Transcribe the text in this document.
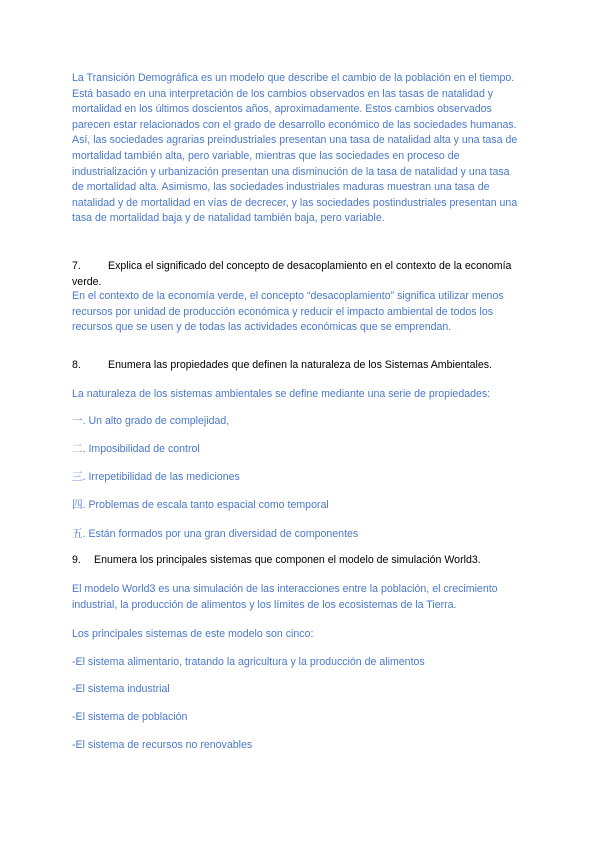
La Transición Demográfica es un modelo que describe el cambio de la población en el tiempo. Está basado en una interpretación de los cambios observados en las tasas de natalidad y mortalidad en los últimos doscientos años, aproximadamente. Estos cambios observados parecen estar relacionados con el grado de desarrollo económico de las sociedades humanas. Así, las sociedades agrarias preindustriales presentan una tasa de natalidad alta y una tasa de mortalidad también alta, pero variable, mientras que las sociedades en proceso de industrialización y urbanización presentan una disminución de la tasa de natalidad y una tasa de mortalidad alta. Asimismo, las sociedades industriales maduras muestran una tasa de natalidad y de mortalidad en vías de decrecer, y las sociedades postindustriales presentan una tasa de mortalidad baja y de natalidad también baja, pero variable.

7.	Explica el significado del concepto de desacoplamiento en el contexto de la economía verde.

En el contexto de la economía verde, el concepto “desacoplamiento” significa utilizar menos recursos por unidad de producción económica y reducir el impacto ambiental de todos los recursos que se usen y de todas las actividades económicas que se emprendan.

8.	Enumera las propiedades que definen la naturaleza de los Sistemas Ambientales.

La naturaleza de los sistemas ambientales se define mediante una serie de propiedades:

一. Un alto grado de complejidad,

二. Imposibilidad de control

三. Irrepetibilidad de las mediciones

四. Problemas de escala tanto espacial como temporal

五. Están formados por una gran diversidad de componentes

9. Enumera los principales sistemas que componen el modelo de simulación World3.

El modelo World3 es una simulación de las interacciones entre la población, el crecimiento industrial, la producción de alimentos y los límites de los ecosistemas de la Tierra.

Los principales sistemas de este modelo son cinco:

-El sistema alimentario, tratando la agricultura y la producción de alimentos

-El sistema industrial

-El sistema de población

-El sistema de recursos no renovables
